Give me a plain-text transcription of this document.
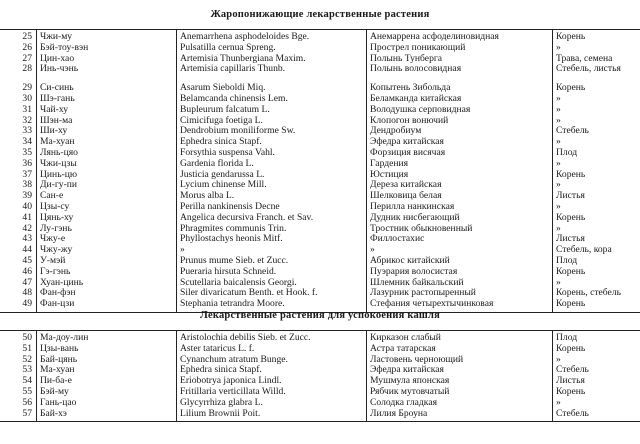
Жаропонижающие лекарственные растения
25 Чжи-му	Anemarrhena asphodeloides Bge.	Анемаррена асфоделиновидная	Корень
26 Бэй-тоу-вэн	Pulsatilla cernua Spreng.	Прострел поникающий	»
27 Цин-хао	Artemisia Thunbergiana Maxim.	Полынь Тунберга	Трава, семена
28 Инь-чэнь	Artemisia capillaris Thunb.	Полынь волосовидная	Стебель, листья
29 Си-синь	Asarum Sieboldi Miq.	Копытень Зибольда	Корень
30 Шэ-гань	Belamcanda chinensis Lem.	Беламканда китайская	»
31 Чай-ху	Bupleurum falcatum L.	Володушка серповидная	»
32 Шэн-ма	Cimicifuga foetiga L.	Клопогон вонючий	»
33 Ши-ху	Dendrobium moniliforme Sw.	Дендробиум	Стебель
34 Ма-хуан	Ephedra sinica Stapf.	Эфедра китайская	»
35 Лянь-цяо	Forsythia suspensa Vahl.	Форзиция висячая	Плод
36 Чжи-цзы	Gardenia florida L.	Гардения	»
37 Цинь-цю	Justicia gendarussa L.	Юстиция	Корень
38 Ди-гу-пи	Lycium chinense Mill.	Дереза китайская	»
39 Сан-е	Morus alba L.	Шелковица белая	Листья
40 Цзы-су	Perilla nankinensis Decne	Перилла нанкинская	»
41 Цянь-ху	Angelica decursiva Franch. et Sav.	Дудник нисбегающий	Корень
42 Лу-гэнь	Phragmites communis Trin.	Тростник обыкновенный	»
43 Чжу-е	Phyllostachys heonis Mitf.	Филлостахис	Листья
44 Чжу-жу	»	»	Стебель, кора
45 У-мэй	Prunus mume Sieb. et Zucc.	Абрикос китайский	Плод
46 Гэ-гэнь	Pueraria hirsuta Schneid.	Пуэрария волосистая	Корень
47 Хуан-цинь	Scutellaria baicalensis Georgi.	Шлемник байкальский	»
48 Фан-фэн	Siler divaricatum Benth. et Hook. f.	Лазурник растопыренный	Корень, стебель
49 Фан-цзи	Stephania tetrandra Moore.	Стефания четырехтычинковая	Корень
Лекарственные растения для успокоения кашля
50 Ма-доу-лин	Aristolochia debilis Sieb. et Zucc.	Кирказон слабый	Плод
51 Цзы-вань	Aster tataricus L. f.	Астра татарская	Корень
52 Бай-цянь	Cynanchum atratum Bunge.	Ластовень черноющий	»
53 Ма-хуан	Ephedra sinica Stapf.	Эфедра китайская	Стебель
54 Пи-ба-е	Eriobotrya japonica Lindl.	Мушмула японская	Листья
55 Бэй-му	Fritillaria verticillata Willd.	Рябчик мутовчатый	Корень
56 Гань-цао	Glycyrrhiza glabra L.	Солодка гладкая	»
57 Бай-хэ	Lilium Brownii Poit.	Лилия Броуна	Стебель
